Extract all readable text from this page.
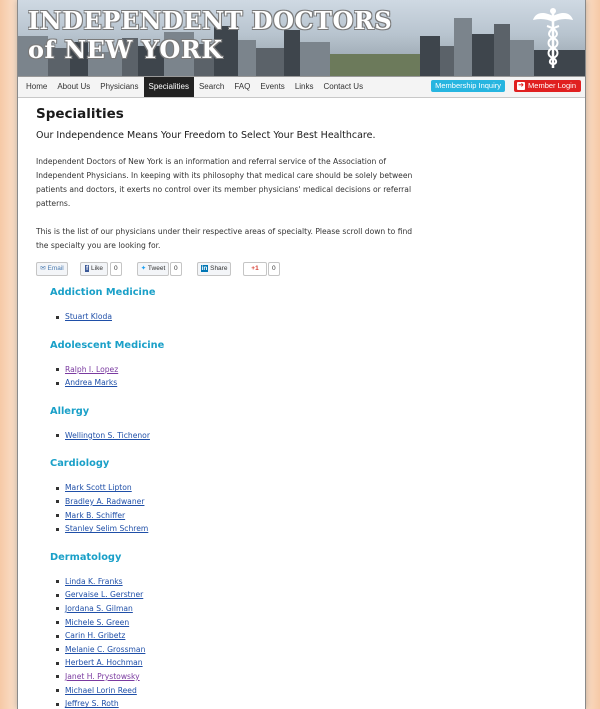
INDEPENDENT DOCTORS
of NEW YORK
Home	About Us	Physicians	Specialities	Search	FAQ	Events	Links	Contact Us	Membership Inquiry	➜ Member Login
Specialities

Our Independence Means Your Freedom to Select Your Best Healthcare.

Independent Doctors of New York is an information and referral service of the Association of Independent Physicians. In keeping with its philosophy that medical care should be solely between patients and doctors, it exerts no control over its member physicians' medical decisions or referral patterns.

This is the list of our physicians under their respective areas of specialty. Please scroll down to find the specialty you are looking for.

✉ Email	f Like	0	✦ Tweet	0	in Share	+1	0
Addiction Medicine
Stuart Kloda
Adolescent Medicine
Ralph I. Lopez
Andrea Marks
Allergy
Wellington S. Tichenor
Cardiology
Mark Scott Lipton
Bradley A. Radwaner
Mark B. Schiffer
Stanley Selim Schrem
Dermatology
Linda K. Franks
Gervaise L. Gerstner
Jordana S. Gilman
Michele S. Green
Carin H. Gribetz
Melanie C. Grossman
Herbert A. Hochman
Janet H. Prystowsky
Michael Lorin Reed
Jeffrey S. Roth
